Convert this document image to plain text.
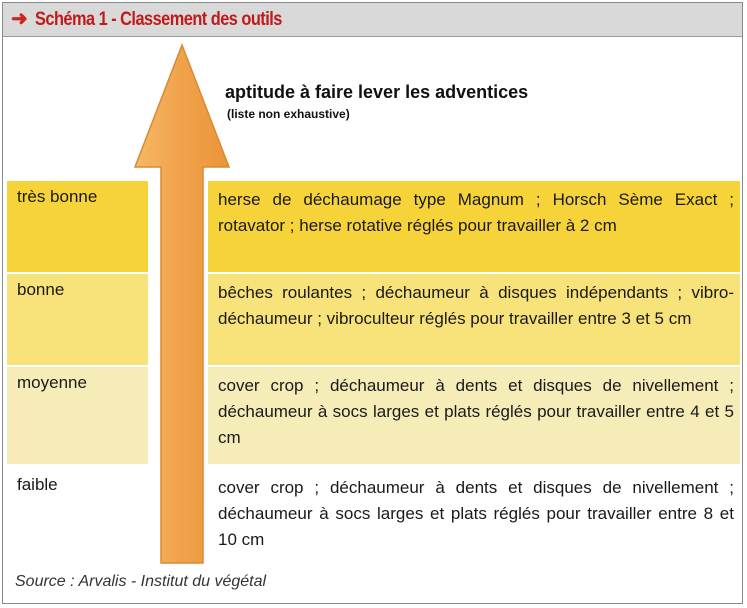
➜ Schéma 1 - Classement des outils
très bonne	herse de déchaumage type Magnum ; Horsch Sème Exact ; rotavator ; herse rotative réglés pour travailler à 2 cm
bonne	bêches roulantes ; déchaumeur à disques indépendants ; vibro-déchaumeur ; vibroculteur réglés pour travailler entre 3 et 5 cm
moyenne	cover crop ; déchaumeur à dents et disques de nivellement ; déchaumeur à socs larges et plats réglés pour travailler entre 4 et 5 cm
faible	cover crop ; déchaumeur à dents et disques de nivellement ; déchaumeur à socs larges et plats réglés pour travailler entre 8 et 10 cm
aptitude à faire lever les adventices
(liste non exhaustive)
Source : Arvalis - Institut du végétal
